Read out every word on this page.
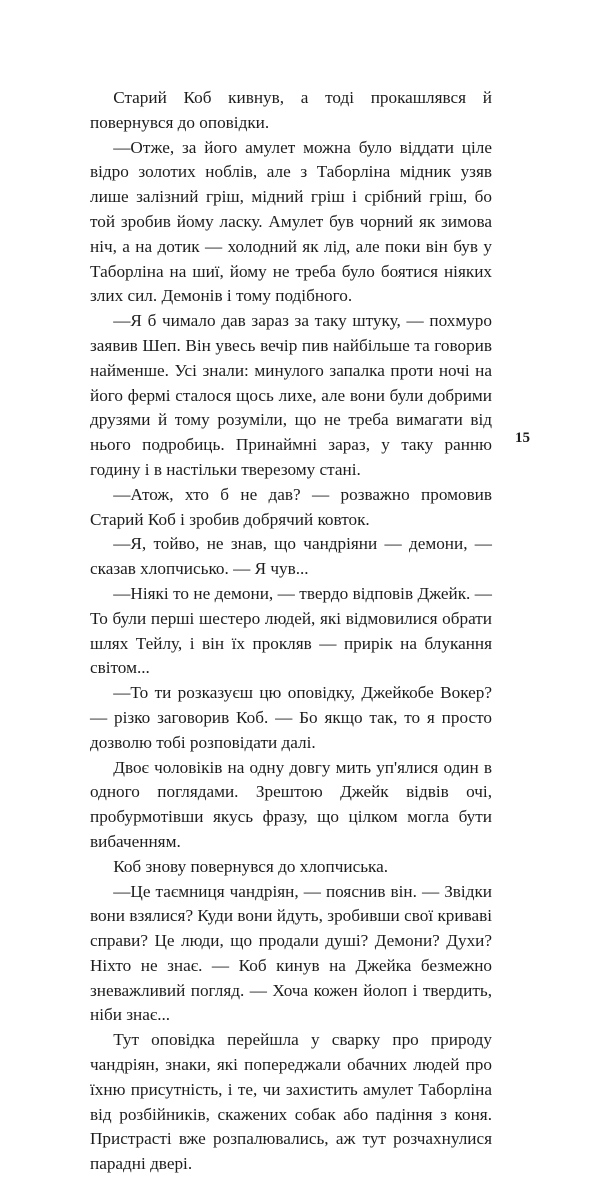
Старий Коб кивнув, а тоді прокашлявся й повернувся до оповідки.

—Отже, за його амулет можна було віддати ціле відро золотих ноблів, але з Таборліна мідник узяв лише залізний гріш, мідний гріш і срібний гріш, бо той зробив йому ласку. Амулет був чорний як зимова ніч, а на дотик — холодний як лід, але поки він був у Таборліна на шиї, йому не треба було боятися ніяких злих сил. Демонів і тому подібного.

—Я б чимало дав зараз за таку штуку, — похмуро заявив Шеп. Він увесь вечір пив найбільше та говорив найменше. Усі знали: минулого запалка проти ночі на його фермі сталося щось лихе, але вони були добрими друзями й тому розуміли, що не треба вимагати від нього подробиць. Принаймні зараз, у таку ранню годину і в настільки тверезому стані.

—Атож, хто б не дав? — розважно промовив Старий Коб і зробив добрячий ковток.

—Я, тойво, не знав, що чандріяни — демони, — сказав хлопчисько. — Я чув...

—Ніякі то не демони, — твердо відповів Джейк. — То були перші шестеро людей, які відмовилися обрати шлях Тейлу, і він їх прокляв — прирік на блукання світом...

—То ти розказуєш цю оповідку, Джейкобе Вокер? — різко заговорив Коб. — Бо якщо так, то я просто дозволю тобі розповідати далі.

Двоє чоловіків на одну довгу мить уп'ялися один в одного поглядами. Зрештою Джейк відвів очі, пробурмотівши якусь фразу, що цілком могла бути вибаченням.

Коб знову повернувся до хлопчиська.

—Це таємниця чандріян, — пояснив він. — Звідки вони взялися? Куди вони йдуть, зробивши свої криваві справи? Це люди, що продали душі? Демони? Духи? Ніхто не знає. — Коб кинув на Джейка безмежно зневажливий погляд. — Хоча кожен йолоп і твердить, ніби знає...

Тут оповідка перейшла у сварку про природу чандріян, знаки, які попереджали обачних людей про їхню присутність, і те, чи захистить амулет Таборліна від розбійників, скажених собак або падіння з коня. Пристрасті вже розпалювались, аж тут розчахнулися парадні двері.

15
